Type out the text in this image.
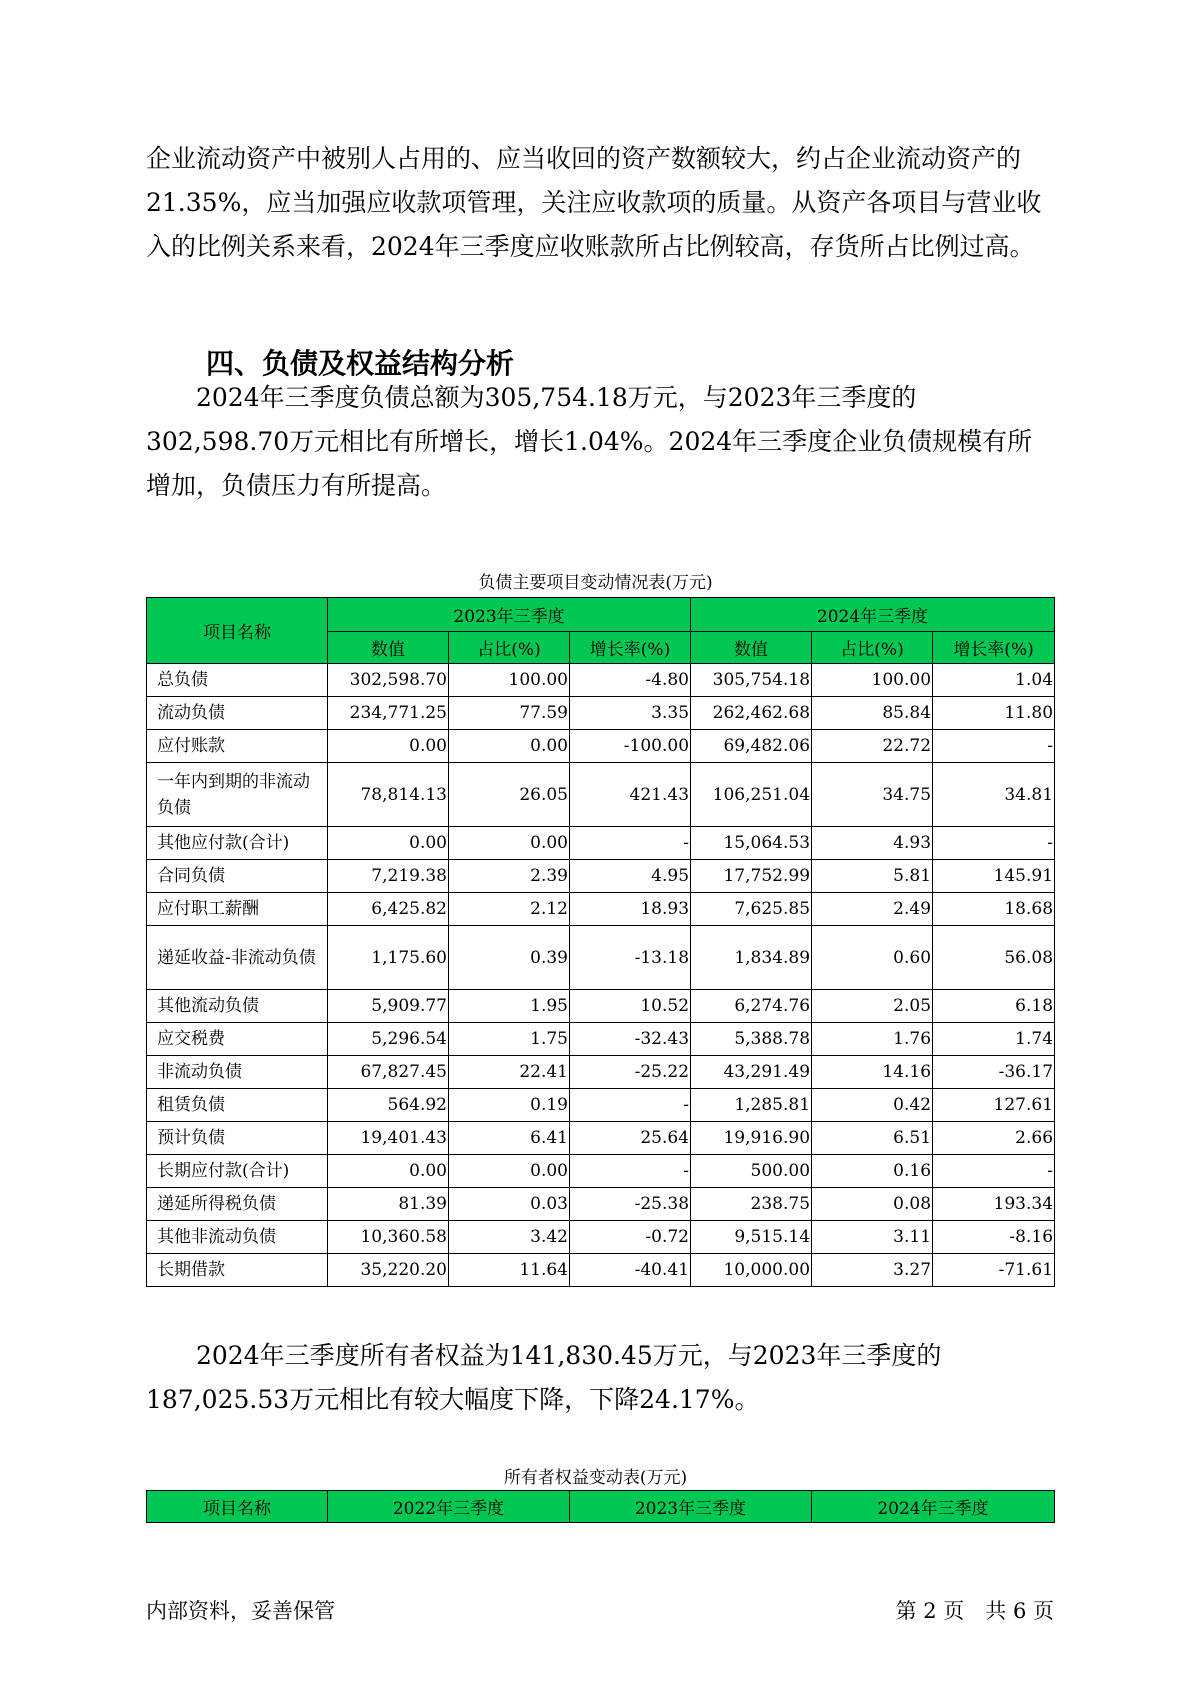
企业流动资产中被别人占用的、应当收回的资产数额较大，约占企业流动资产的21.35%，应当加强应收款项管理，关注应收款项的质量。从资产各项目与营业收入的比例关系来看，2024年三季度应收账款所占比例较高，存货所占比例过高。

四、负债及权益结构分析

2024年三季度负债总额为305,754.18万元，与2023年三季度的302,598.70万元相比有所增长，增长1.04%。2024年三季度企业负债规模有所增加，负债压力有所提高。

负债主要项目变动情况表(万元)

项目名称	2023年三季度			2024年三季度		
	数值	占比(%)	增长率(%)	数值	占比(%)	增长率(%)
总负债	302,598.70	100.00	-4.80	305,754.18	100.00	1.04
流动负债	234,771.25	77.59	3.35	262,462.68	85.84	11.80
应付账款	0.00	0.00	-100.00	69,482.06	22.72	-
一年内到期的非流动负债	78,814.13	26.05	421.43	106,251.04	34.75	34.81
其他应付款(合计)	0.00	0.00	-	15,064.53	4.93	-
合同负债	7,219.38	2.39	4.95	17,752.99	5.81	145.91
应付职工薪酬	6,425.82	2.12	18.93	7,625.85	2.49	18.68
递延收益-非流动负债	1,175.60	0.39	-13.18	1,834.89	0.60	56.08
其他流动负债	5,909.77	1.95	10.52	6,274.76	2.05	6.18
应交税费	5,296.54	1.75	-32.43	5,388.78	1.76	1.74
非流动负债	67,827.45	22.41	-25.22	43,291.49	14.16	-36.17
租赁负债	564.92	0.19	-	1,285.81	0.42	127.61
预计负债	19,401.43	6.41	25.64	19,916.90	6.51	2.66
长期应付款(合计)	0.00	0.00	-	500.00	0.16	-
递延所得税负债	81.39	0.03	-25.38	238.75	0.08	193.34
其他非流动负债	10,360.58	3.42	-0.72	9,515.14	3.11	-8.16
长期借款	35,220.20	11.64	-40.41	10,000.00	3.27	-71.61

2024年三季度所有者权益为141,830.45万元，与2023年三季度的187,025.53万元相比有较大幅度下降，下降24.17%。

所有者权益变动表(万元)

项目名称	2022年三季度	2023年三季度	2024年三季度

内部资料，妥善保管	第 2 页　共 6 页
